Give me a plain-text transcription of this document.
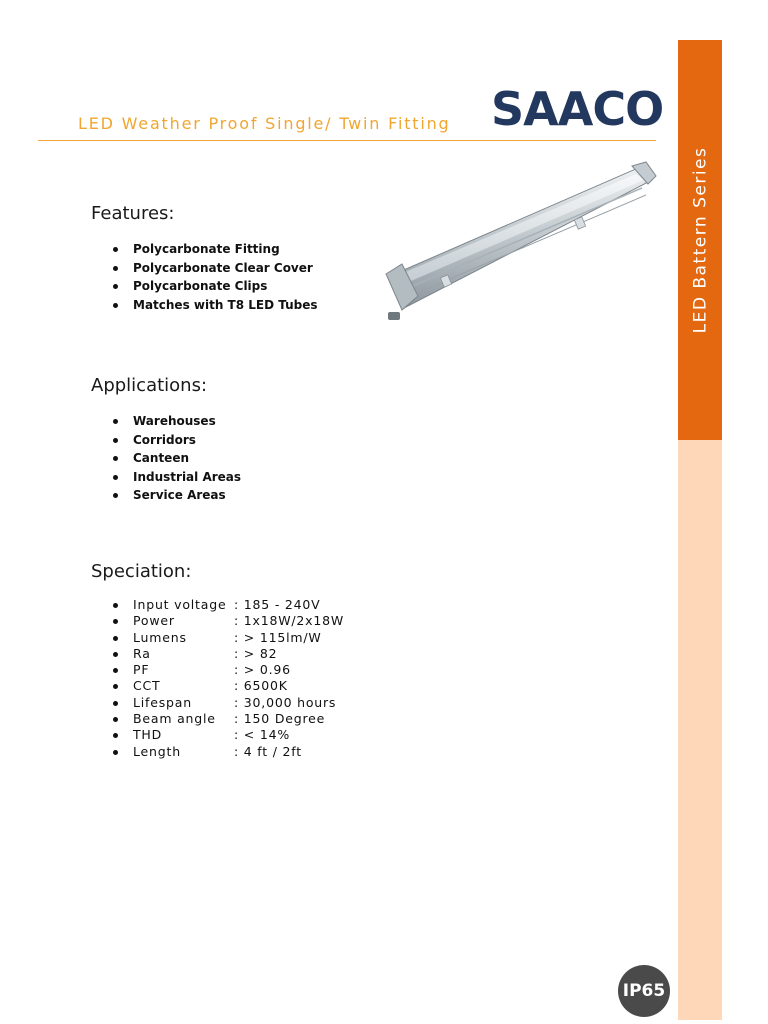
LED Battern Series
LED Weather Proof Single/ Twin Fitting SAACO
Features:
Polycarbonate Fitting
Polycarbonate Clear Cover
Polycarbonate Clips
Matches with T8 LED Tubes
Applications:
Warehouses
Corridors
Canteen
Industrial Areas
Service Areas
Speciation:
Input voltage : 185 - 240V
Power	: 1x18W/2x18W
Lumens	: > 115lm/W
Ra	: > 82
PF	: > 0.96
CCT	: 6500K
Lifespan	: 30,000 hours
Beam angle : 150 Degree
THD	: < 14%
Length	: 4 ft / 2ft
IP65
